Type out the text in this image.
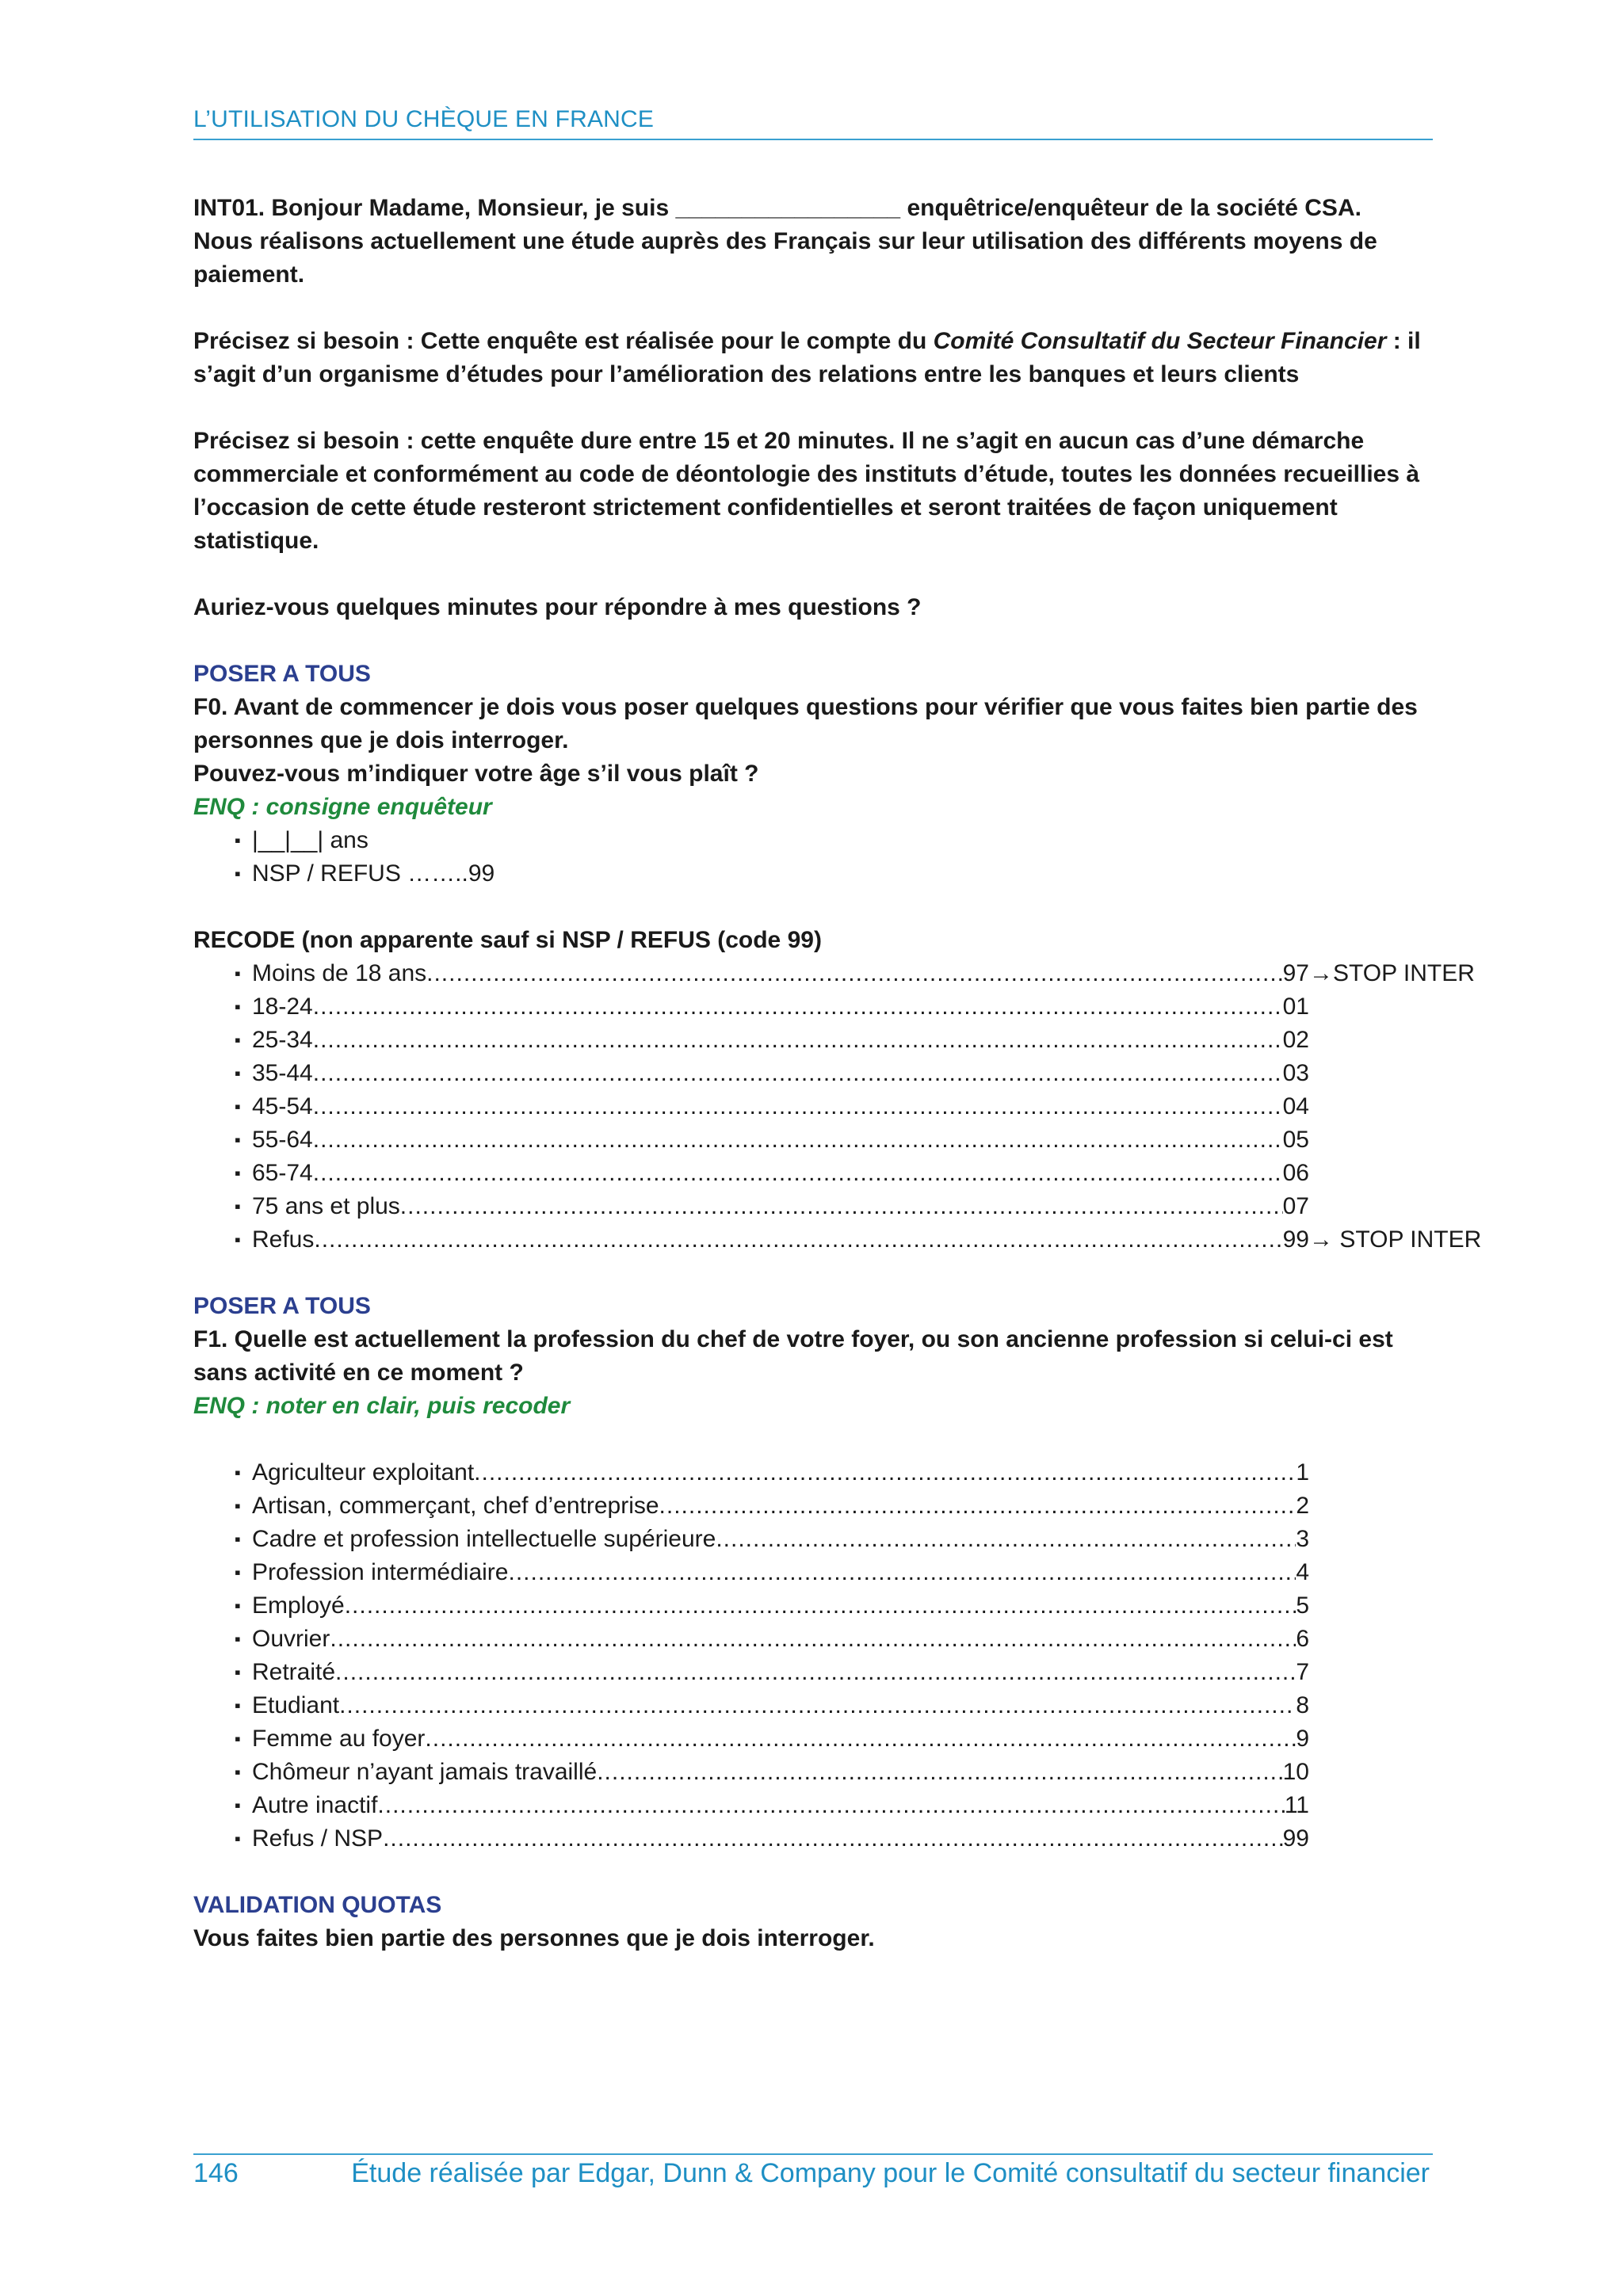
L’UTILISATION DU CHÈQUE EN FRANCE

INT01. Bonjour Madame, Monsieur, je suis _________________ enquêtrice/enquêteur de la société CSA.
Nous réalisons actuellement une étude auprès des Français sur leur utilisation des différents moyens de paiement.

Précisez si besoin : Cette enquête est réalisée pour le compte du Comité Consultatif du Secteur Financier : il s’agit d’un organisme d’études pour l’amélioration des relations entre les banques et leurs clients

Précisez si besoin : cette enquête dure entre 15 et 20 minutes. Il ne s’agit en aucun cas d’une démarche commerciale et conformément au code de déontologie des instituts d’étude, toutes les données recueillies à l’occasion de cette étude resteront strictement confidentielles et seront traitées de façon uniquement statistique.

Auriez-vous quelques minutes pour répondre à mes questions ?

POSER A TOUS

F0. Avant de commencer je dois vous poser quelques questions pour vérifier que vous faites bien partie des personnes que je dois interroger.

Pouvez-vous m’indiquer votre âge s’il vous plaît ?

ENQ : consigne enquêteur

▪ |__|__| ans
▪ NSP / REFUS ……..99

RECODE (non apparente sauf si NSP / REFUS (code 99)

▪ Moins de 18 ans .....	97 →STOP INTER
▪ 18-24 .....	01
▪ 25-34 .....	02
▪ 35-44 .....	03
▪ 45-54 .....	04
▪ 55-64 .....	05
▪ 65-74 .....	06
▪ 75 ans et plus .....	07
▪ Refus .....	99 → STOP INTER

POSER A TOUS

F1. Quelle est actuellement la profession du chef de votre foyer, ou son ancienne profession si celui-ci est sans activité en ce moment ?

ENQ : noter en clair, puis recoder

▪ Agriculteur exploitant .....	1
▪ Artisan, commerçant, chef d’entreprise .....	2
▪ Cadre et profession intellectuelle supérieure .....	3
▪ Profession intermédiaire .....	4
▪ Employé .....	5
▪ Ouvrier .....	6
▪ Retraité .....	7
▪ Etudiant .....	8
▪ Femme au foyer .....	9
▪ Chômeur n’ayant jamais travaillé .....	10
▪ Autre inactif .....	11
▪ Refus / NSP .....	99

VALIDATION QUOTAS

Vous faites bien partie des personnes que je dois interroger.

146	Étude réalisée par Edgar, Dunn & Company pour le Comité consultatif du secteur financier
